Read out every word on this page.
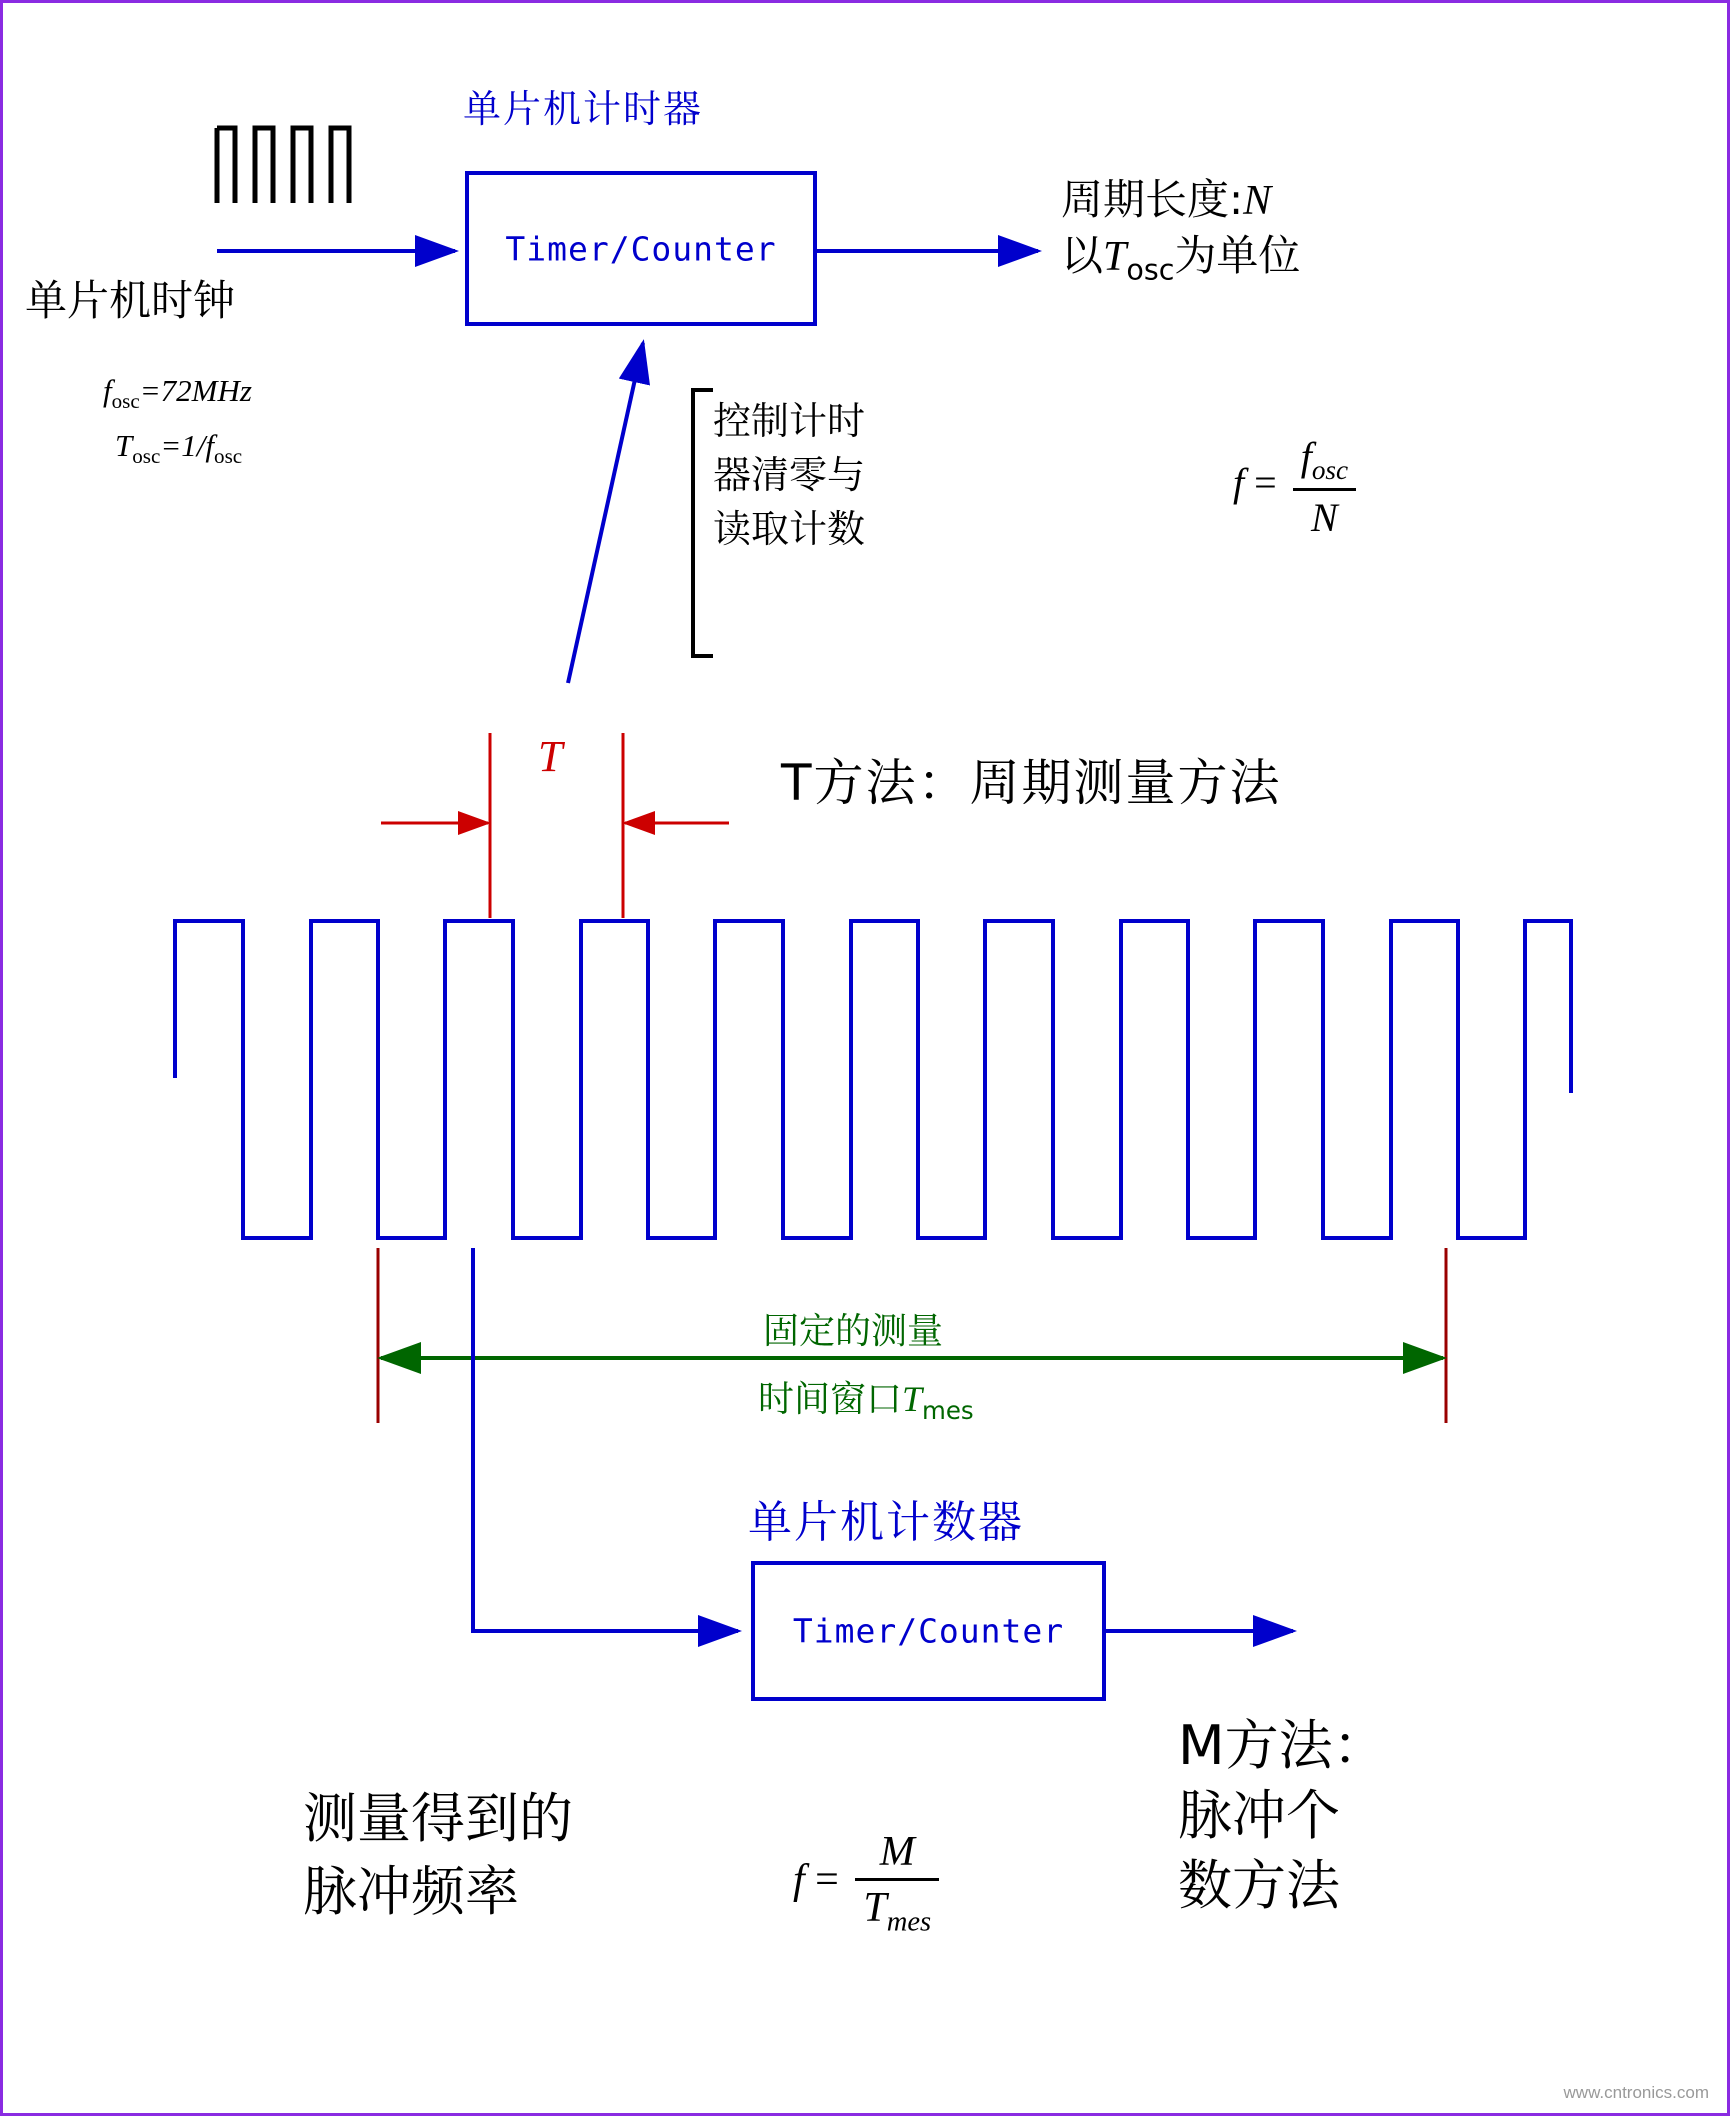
单片机计时器
Timer/Counter
单片机时钟
$f_{osc}=72MHz$
$T_{osc}=1/f_{osc}$
周期长度:N
以$T_{osc}$为单位
$f = \frac{f_{osc}}{N}$
控制计时
器清零与
读取计数
T	T方法：周期测量方法
固定的测量
时间窗口$T_{mes}$
单片机计数器
Timer/Counter
M方法：
脉冲个
数方法
测量得到的
脉冲频率	$f = \frac{M}{T_{mes}}$
www.cntronics.com
